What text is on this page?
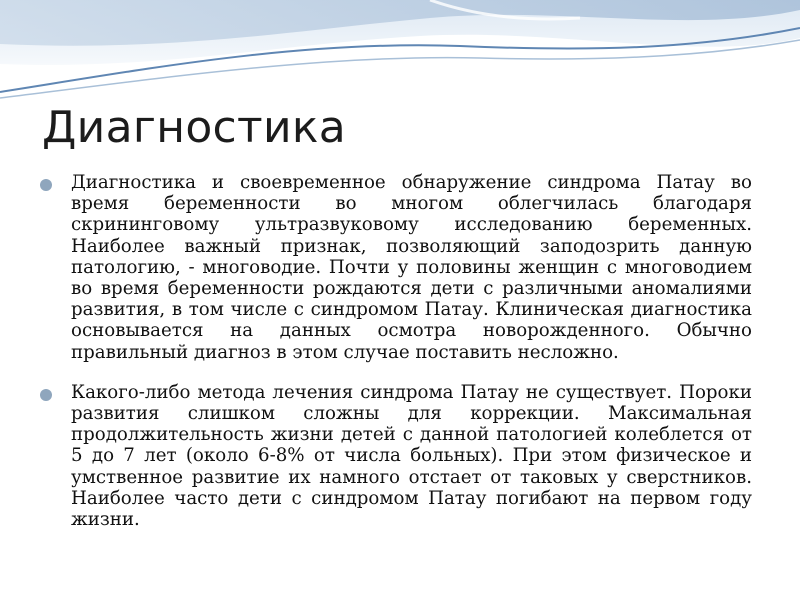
Диагностика
Диагностика и своевременное обнаружение синдрома Патау во время беременности во многом облегчилась благодаря скрининговому ультразвуковому исследованию беременных. Наиболее важный признак, позволяющий заподозрить данную патологию, - многоводие. Почти у половины женщин с многоводием во время беременности рождаются дети с различными аномалиями развития, в том числе с синдромом Патау. Клиническая диагностика основывается на данных осмотра новорожденного. Обычно правильный диагноз в этом случае поставить несложно.
Какого-либо метода лечения синдрома Патау не существует. Пороки развития слишком сложны для коррекции. Максимальная продолжительность жизни детей с данной патологией колеблется от 5 до 7 лет (около 6-8% от числа больных). При этом физическое и умственное развитие их намного отстает от таковых у сверстников. Наиболее часто дети с синдромом Патау погибают на первом году жизни.
